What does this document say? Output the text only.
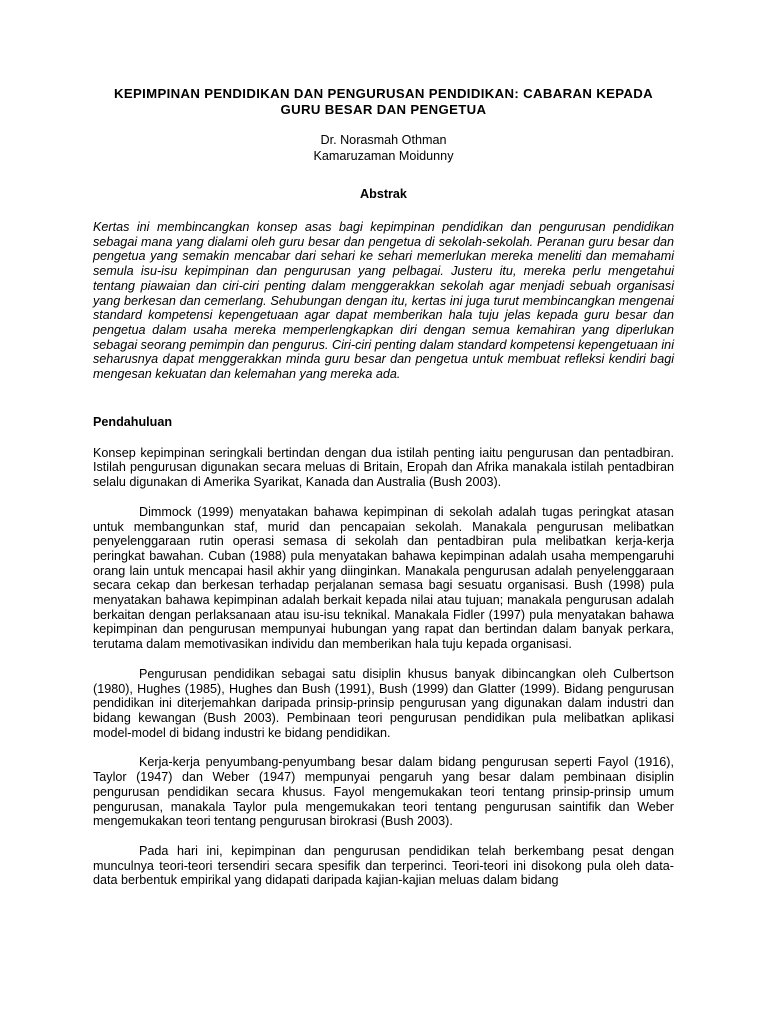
KEPIMPINAN PENDIDIKAN DAN PENGURUSAN PENDIDIKAN: CABARAN KEPADA GURU BESAR DAN PENGETUA
Dr. Norasmah Othman
Kamaruzaman Moidunny
Abstrak
Kertas ini membincangkan konsep asas bagi kepimpinan pendidikan dan pengurusan pendidikan sebagai mana yang dialami oleh guru besar dan pengetua di sekolah-sekolah. Peranan guru besar dan pengetua yang semakin mencabar dari sehari ke sehari memerlukan mereka meneliti dan memahami semula isu-isu kepimpinan dan pengurusan yang pelbagai. Justeru itu, mereka perlu mengetahui tentang piawaian dan ciri-ciri penting dalam menggerakkan sekolah agar menjadi sebuah organisasi yang berkesan dan cemerlang. Sehubungan dengan itu, kertas ini juga turut membincangkan mengenai standard kompetensi kepengetuaan agar dapat memberikan hala tuju jelas kepada guru besar dan pengetua dalam usaha mereka memperlengkapkan diri dengan semua kemahiran yang diperlukan sebagai seorang pemimpin dan pengurus. Ciri-ciri penting dalam standard kompetensi kepengetuaan ini seharusnya dapat menggerakkan minda guru besar dan pengetua untuk membuat refleksi kendiri bagi mengesan kekuatan dan kelemahan yang mereka ada.
Pendahuluan
Konsep kepimpinan seringkali bertindan dengan dua istilah penting iaitu pengurusan dan pentadbiran. Istilah pengurusan digunakan secara meluas di Britain, Eropah dan Afrika manakala istilah pentadbiran selalu digunakan di Amerika Syarikat, Kanada dan Australia (Bush 2003).
Dimmock (1999) menyatakan bahawa kepimpinan di sekolah adalah tugas peringkat atasan untuk membangunkan staf, murid dan pencapaian sekolah. Manakala pengurusan melibatkan penyelenggaraan rutin operasi semasa di sekolah dan pentadbiran pula melibatkan kerja-kerja peringkat bawahan. Cuban (1988) pula menyatakan bahawa kepimpinan adalah usaha mempengaruhi orang lain untuk mencapai hasil akhir yang diinginkan. Manakala pengurusan adalah penyelenggaraan secara cekap dan berkesan terhadap perjalanan semasa bagi sesuatu organisasi. Bush (1998) pula menyatakan bahawa kepimpinan adalah berkait kepada nilai atau tujuan; manakala pengurusan adalah berkaitan dengan perlaksanaan atau isu-isu teknikal. Manakala Fidler (1997) pula menyatakan bahawa kepimpinan dan pengurusan mempunyai hubungan yang rapat dan bertindan dalam banyak perkara, terutama dalam memotivasikan individu dan memberikan hala tuju kepada organisasi.
Pengurusan pendidikan sebagai satu disiplin khusus banyak dibincangkan oleh Culbertson (1980), Hughes (1985), Hughes dan Bush (1991), Bush (1999) dan Glatter (1999). Bidang pengurusan pendidikan ini diterjemahkan daripada prinsip-prinsip pengurusan yang digunakan dalam industri dan bidang kewangan (Bush 2003). Pembinaan teori pengurusan pendidikan pula melibatkan aplikasi model-model di bidang industri ke bidang pendidikan.
Kerja-kerja penyumbang-penyumbang besar dalam bidang pengurusan seperti Fayol (1916), Taylor (1947) dan Weber (1947) mempunyai pengaruh yang besar dalam pembinaan disiplin pengurusan pendidikan secara khusus. Fayol mengemukakan teori tentang prinsip-prinsip umum pengurusan, manakala Taylor pula mengemukakan teori tentang pengurusan saintifik dan Weber mengemukakan teori tentang pengurusan birokrasi (Bush 2003).
Pada hari ini, kepimpinan dan pengurusan pendidikan telah berkembang pesat dengan munculnya teori-teori tersendiri secara spesifik dan terperinci. Teori-teori ini disokong pula oleh data-data berbentuk empirikal yang didapati daripada kajian-kajian meluas dalam bidang
